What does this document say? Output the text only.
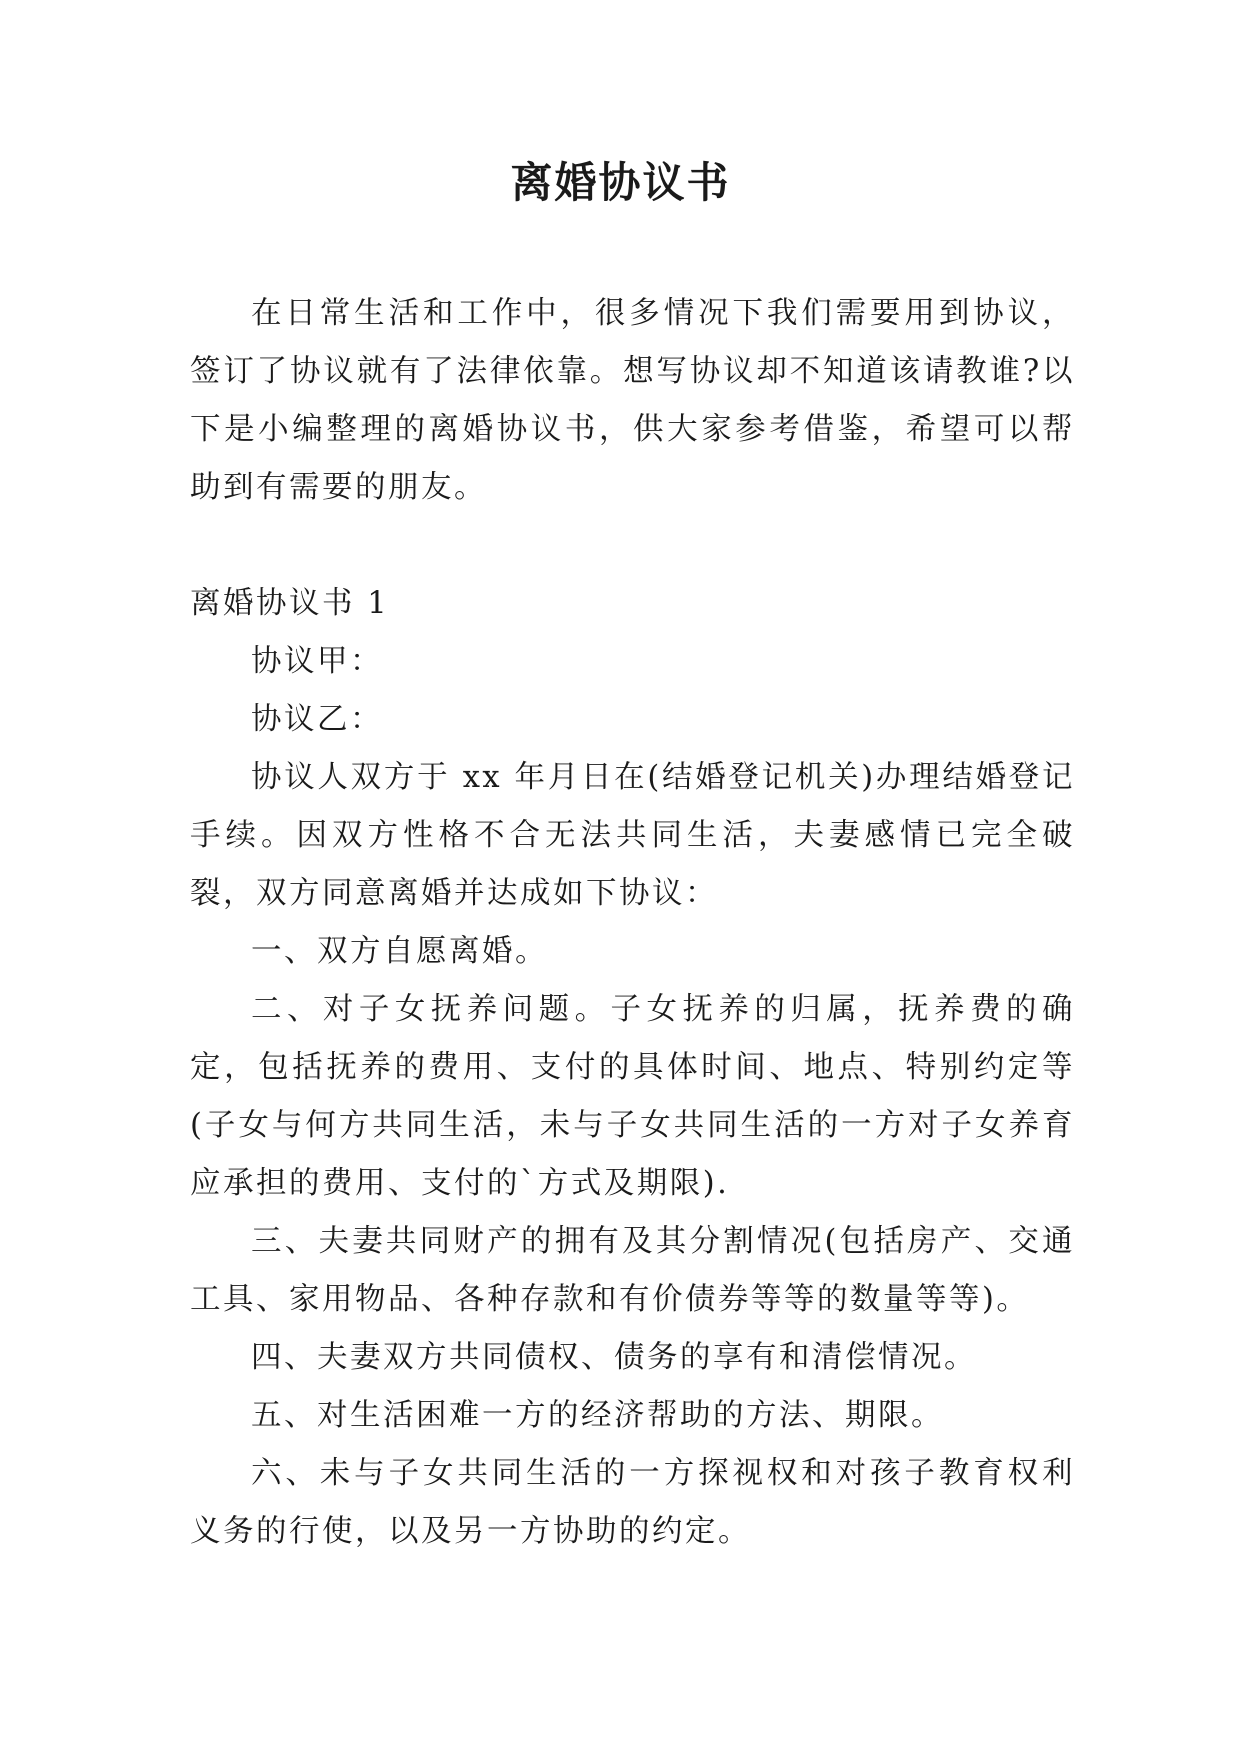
离婚协议书

在日常生活和工作中，很多情况下我们需要用到协议，签订了协议就有了法律依靠。想写协议却不知道该请教谁?以下是小编整理的离婚协议书，供大家参考借鉴，希望可以帮助到有需要的朋友。

离婚协议书 1

协议甲：

协议乙：

协议人双方于 xx 年月日在(结婚登记机关)办理结婚登记手续。因双方性格不合无法共同生活，夫妻感情已完全破裂，双方同意离婚并达成如下协议：

一、双方自愿离婚。

二、对子女抚养问题。子女抚养的归属，抚养费的确定，包括抚养的费用、支付的具体时间、地点、特别约定等(子女与何方共同生活，未与子女共同生活的一方对子女养育应承担的费用、支付的`方式及期限).

三、夫妻共同财产的拥有及其分割情况(包括房产、交通工具、家用物品、各种存款和有价债券等等的数量等等)。

四、夫妻双方共同债权、债务的享有和清偿情况。

五、对生活困难一方的经济帮助的方法、期限。

六、未与子女共同生活的一方探视权和对孩子教育权利义务的行使，以及另一方协助的约定。
